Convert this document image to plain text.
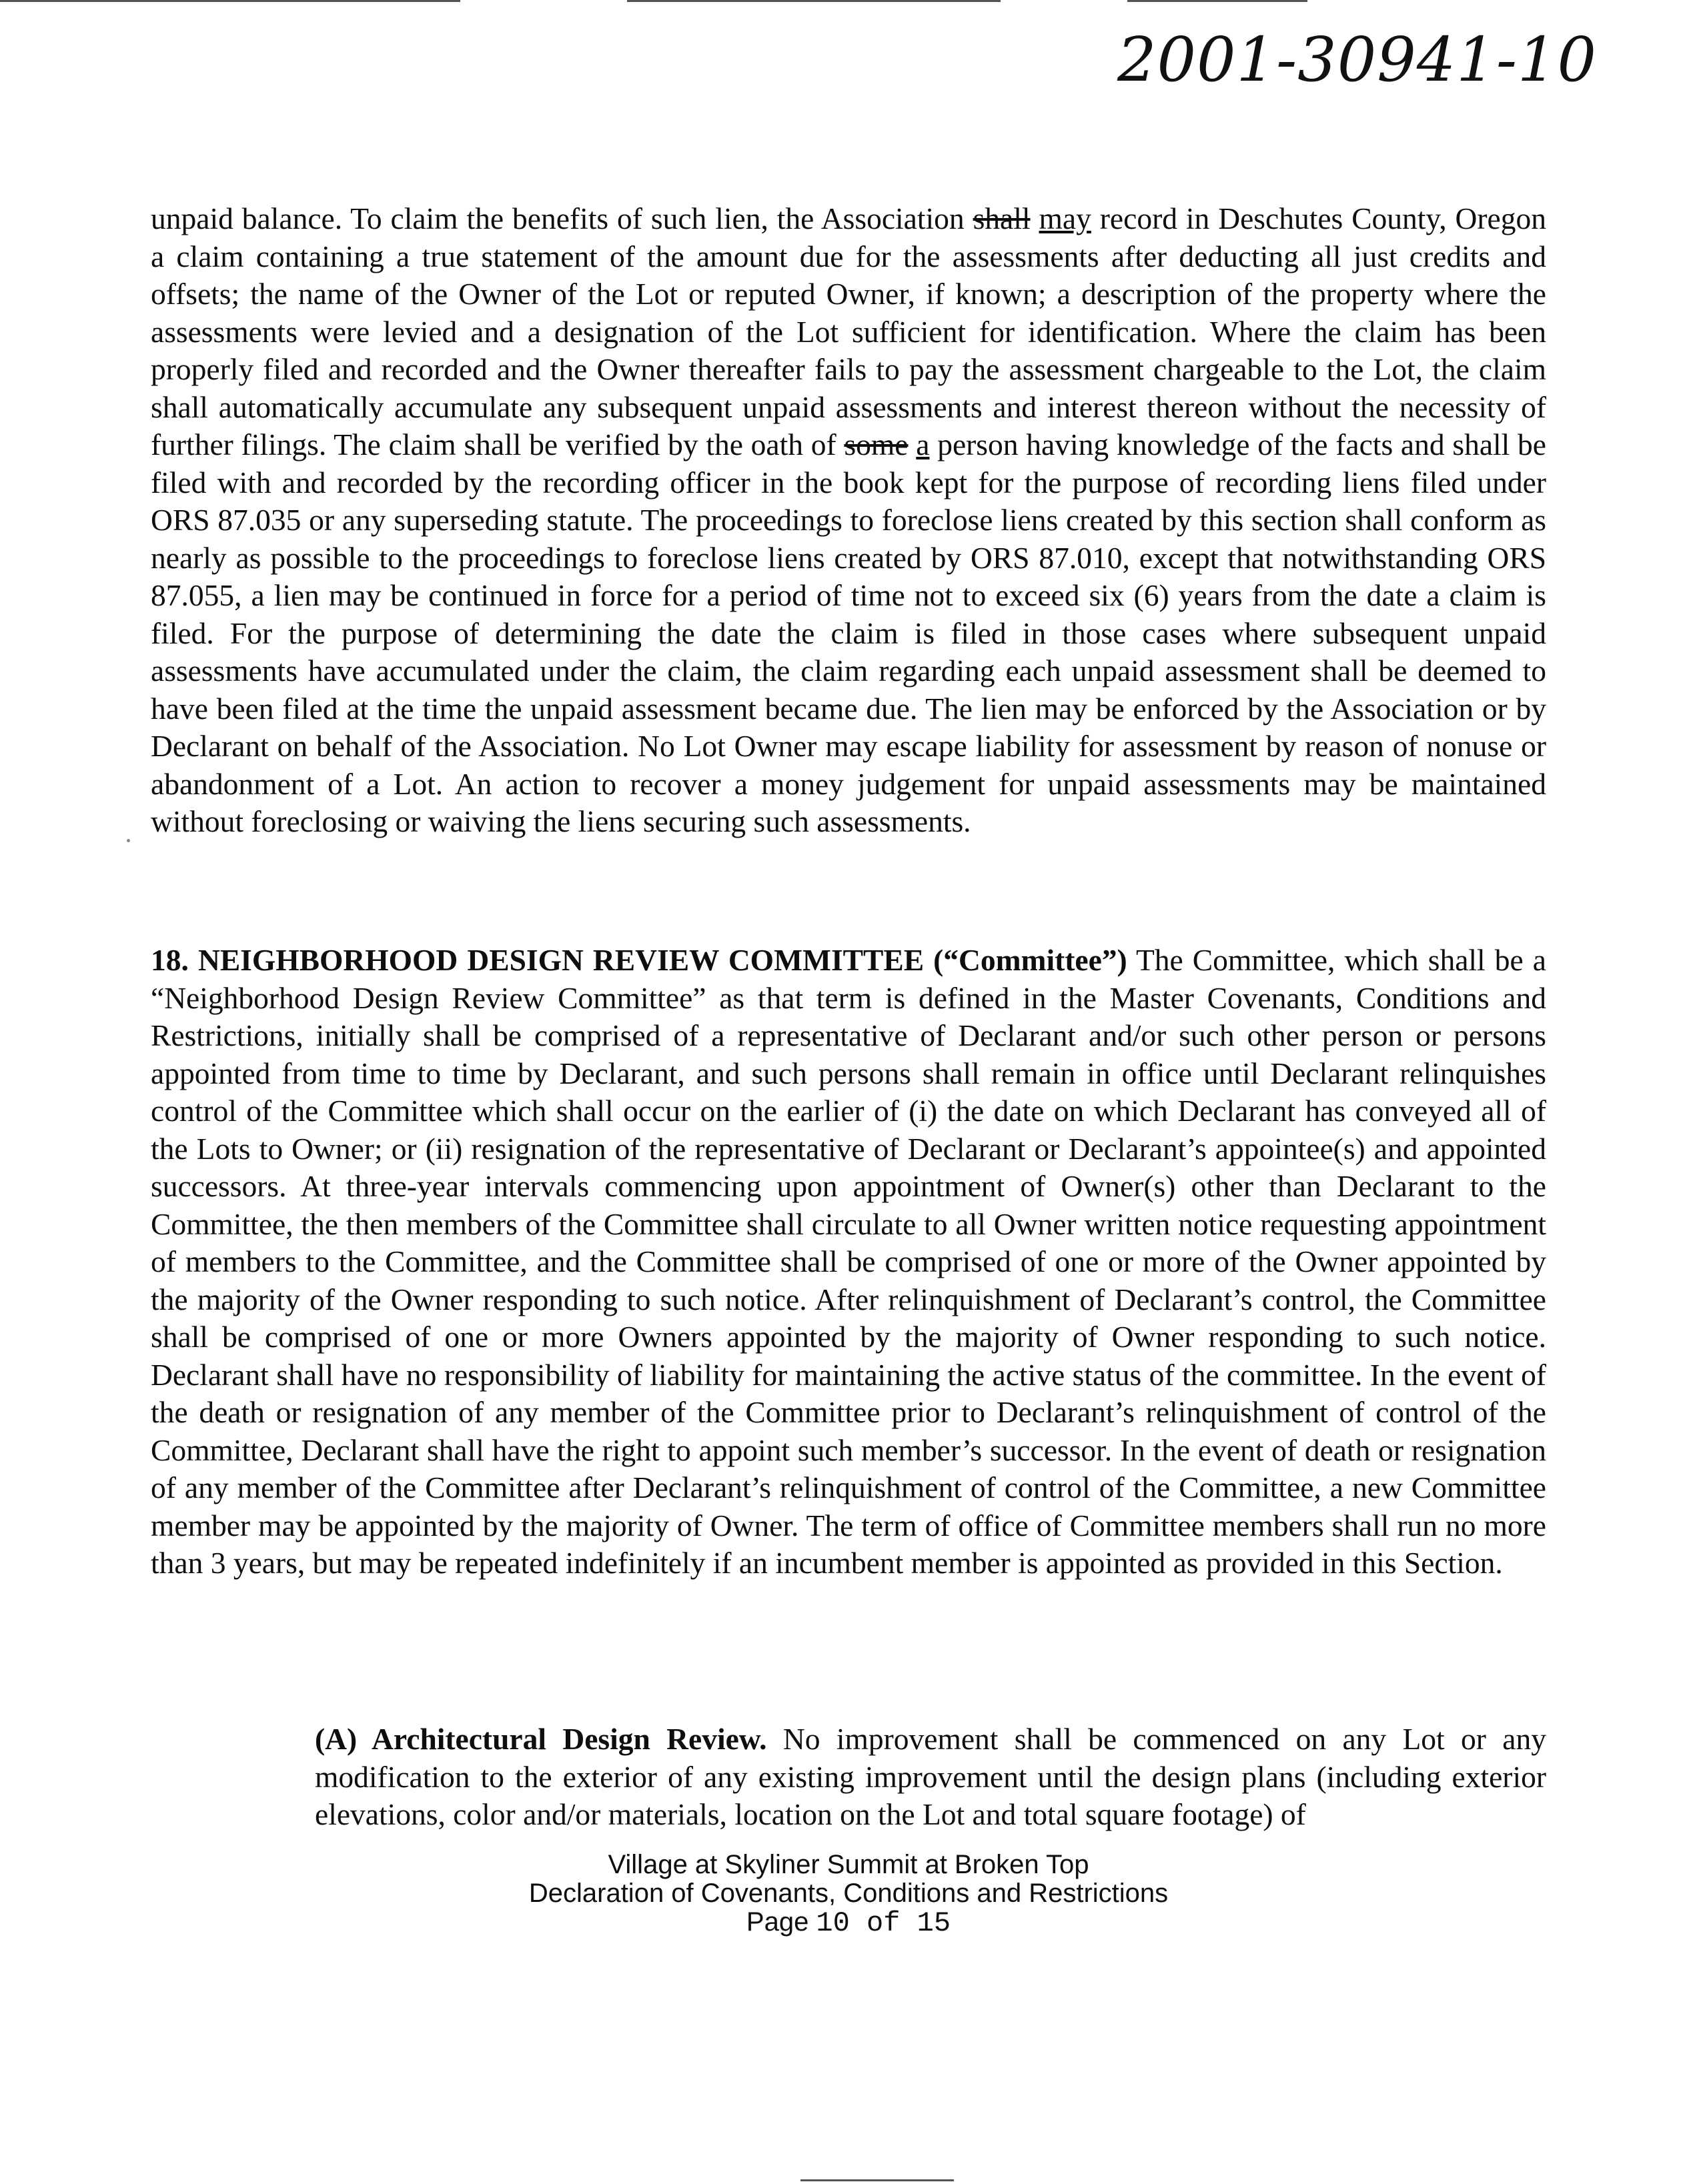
2001-30941-10

unpaid balance. To claim the benefits of such lien, the Association shall may record in Deschutes County, Oregon a claim containing a true statement of the amount due for the assessments after deducting all just credits and offsets; the name of the Owner of the Lot or reputed Owner, if known; a description of the property where the assessments were levied and a designation of the Lot sufficient for identification. Where the claim has been properly filed and recorded and the Owner thereafter fails to pay the assessment chargeable to the Lot, the claim shall automatically accumulate any subsequent unpaid assessments and interest thereon without the necessity of further filings. The claim shall be verified by the oath of some a person having knowledge of the facts and shall be filed with and recorded by the recording officer in the book kept for the purpose of recording liens filed under ORS 87.035 or any superseding statute. The proceedings to foreclose liens created by this section shall conform as nearly as possible to the proceedings to foreclose liens created by ORS 87.010, except that notwithstanding ORS 87.055, a lien may be continued in force for a period of time not to exceed six (6) years from the date a claim is filed. For the purpose of determining the date the claim is filed in those cases where subsequent unpaid assessments have accumulated under the claim, the claim regarding each unpaid assessment shall be deemed to have been filed at the time the unpaid assessment became due. The lien may be enforced by the Association or by Declarant on behalf of the Association. No Lot Owner may escape liability for assessment by reason of nonuse or abandonment of a Lot. An action to recover a money judgement for unpaid assessments may be maintained without foreclosing or waiving the liens securing such assessments.

18. NEIGHBORHOOD DESIGN REVIEW COMMITTEE (“Committee”) The Committee, which shall be a “Neighborhood Design Review Committee” as that term is defined in the Master Covenants, Conditions and Restrictions, initially shall be comprised of a representative of Declarant and/or such other person or persons appointed from time to time by Declarant, and such persons shall remain in office until Declarant relinquishes control of the Committee which shall occur on the earlier of (i) the date on which Declarant has conveyed all of the Lots to Owner; or (ii) resignation of the representative of Declarant or Declarant’s appointee(s) and appointed successors. At three-year intervals commencing upon appointment of Owner(s) other than Declarant to the Committee, the then members of the Committee shall circulate to all Owner written notice requesting appointment of members to the Committee, and the Committee shall be comprised of one or more of the Owner appointed by the majority of the Owner responding to such notice. After relinquishment of Declarant’s control, the Committee shall be comprised of one or more Owners appointed by the majority of Owner responding to such notice. Declarant shall have no responsibility of liability for maintaining the active status of the committee. In the event of the death or resignation of any member of the Committee prior to Declarant’s relinquishment of control of the Committee, Declarant shall have the right to appoint such member’s successor. In the event of death or resignation of any member of the Committee after Declarant’s relinquishment of control of the Committee, a new Committee member may be appointed by the majority of Owner. The term of office of Committee members shall run no more than 3 years, but may be repeated indefinitely if an incumbent member is appointed as provided in this Section.

(A) Architectural Design Review. No improvement shall be commenced on any Lot or any modification to the exterior of any existing improvement until the design plans (including exterior elevations, color and/or materials, location on the Lot and total square footage) of

Village at Skyliner Summit at Broken Top
Declaration of Covenants, Conditions and Restrictions
Page 10 of 15
